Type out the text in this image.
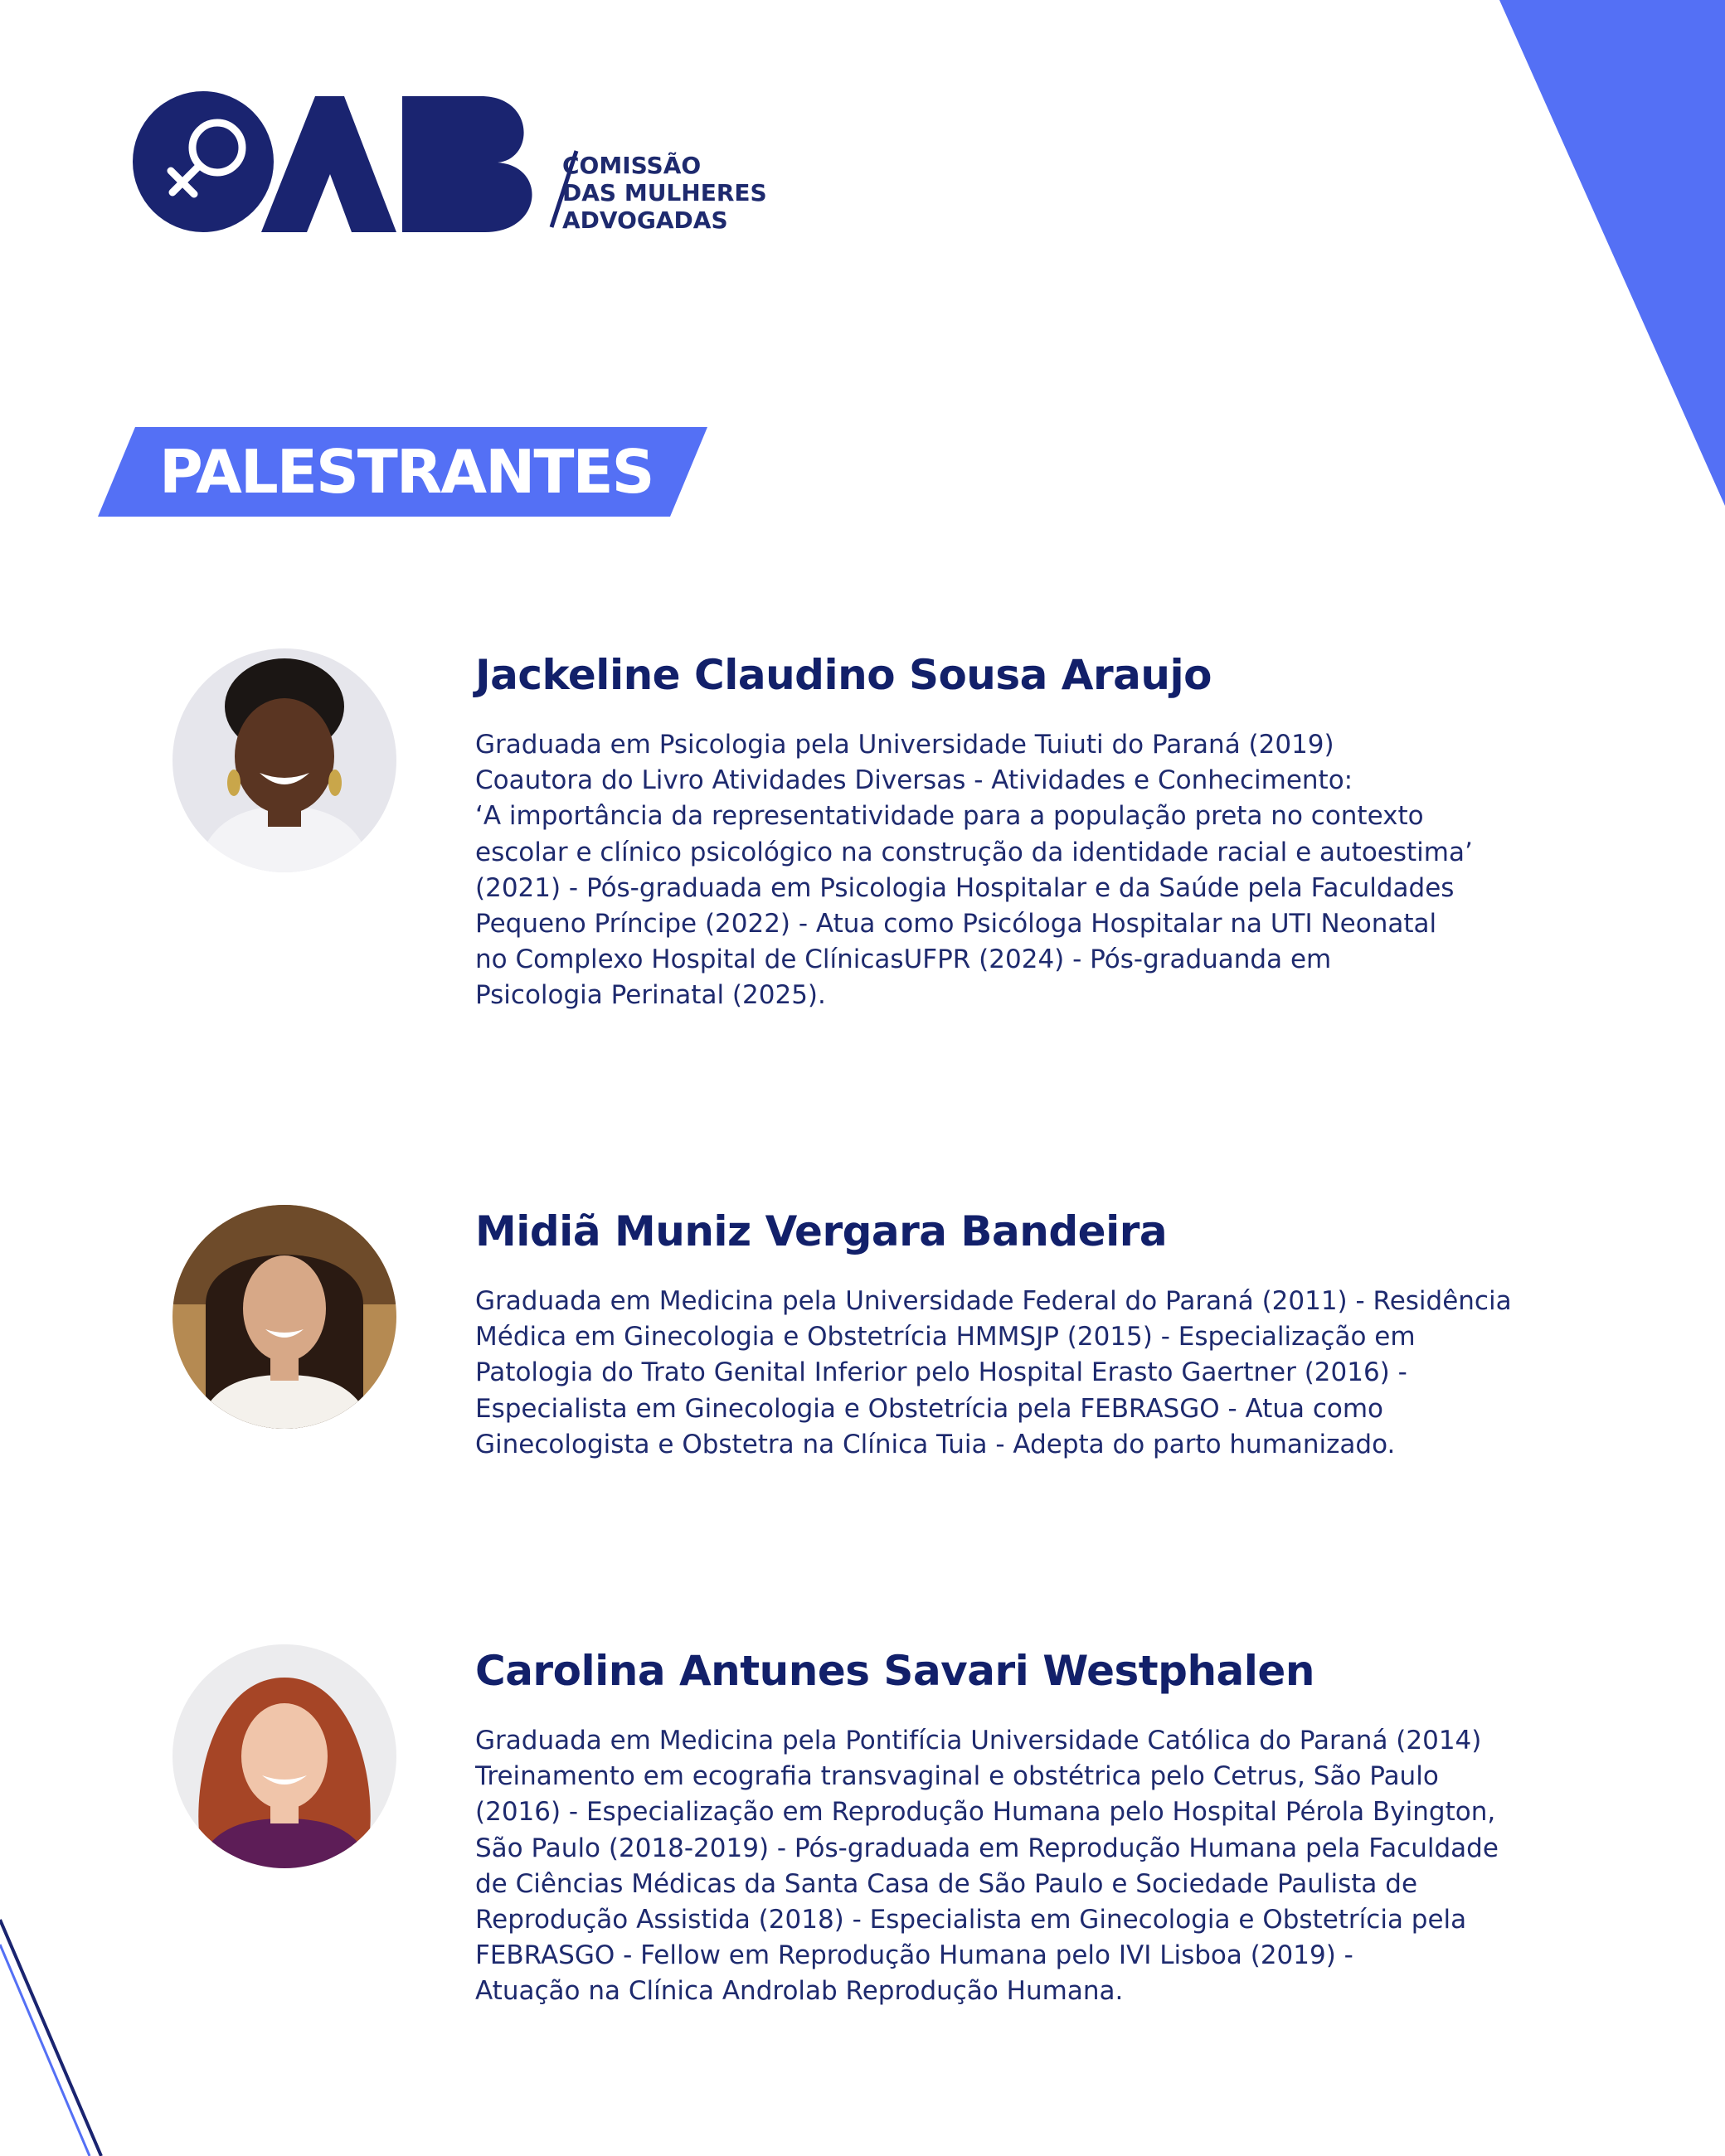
COMISSÃO
DAS MULHERES
ADVOGADAS
PALESTRANTES
Jackeline Claudino Sousa Araujo
Graduada em Psicologia pela Universidade Tuiuti do Paraná (2019)
Coautora do Livro Atividades Diversas - Atividades e Conhecimento:
‘A importância da representatividade para a população preta no contexto
escolar e clínico psicológico na construção da identidade racial e autoestima’
(2021) - Pós-graduada em Psicologia Hospitalar e da Saúde pela Faculdades
Pequeno Príncipe (2022) - Atua como Psicóloga Hospitalar na UTI Neonatal
no Complexo Hospital de ClínicasUFPR (2024) - Pós-graduanda em
Psicologia Perinatal (2025).
Midiã Muniz Vergara Bandeira
Graduada em Medicina pela Universidade Federal do Paraná (2011) - Residência
Médica em Ginecologia e Obstetrícia HMMSJP (2015) - Especialização em
Patologia do Trato Genital Inferior pelo Hospital Erasto Gaertner (2016) -
Especialista em Ginecologia e Obstetrícia pela FEBRASGO - Atua como
Ginecologista e Obstetra na Clínica Tuia - Adepta do parto humanizado.
Carolina Antunes Savari Westphalen
Graduada em Medicina pela Pontifícia Universidade Católica do Paraná (2014)
Treinamento em ecografia transvaginal e obstétrica pelo Cetrus, São Paulo
(2016) - Especialização em Reprodução Humana pelo Hospital Pérola Byington,
São Paulo (2018-2019) - Pós-graduada em Reprodução Humana pela Faculdade
de Ciências Médicas da Santa Casa de São Paulo e Sociedade Paulista de
Reprodução Assistida (2018) - Especialista em Ginecologia e Obstetrícia pela
FEBRASGO - Fellow em Reprodução Humana pelo IVI Lisboa (2019) -
Atuação na Clínica Androlab Reprodução Humana.
